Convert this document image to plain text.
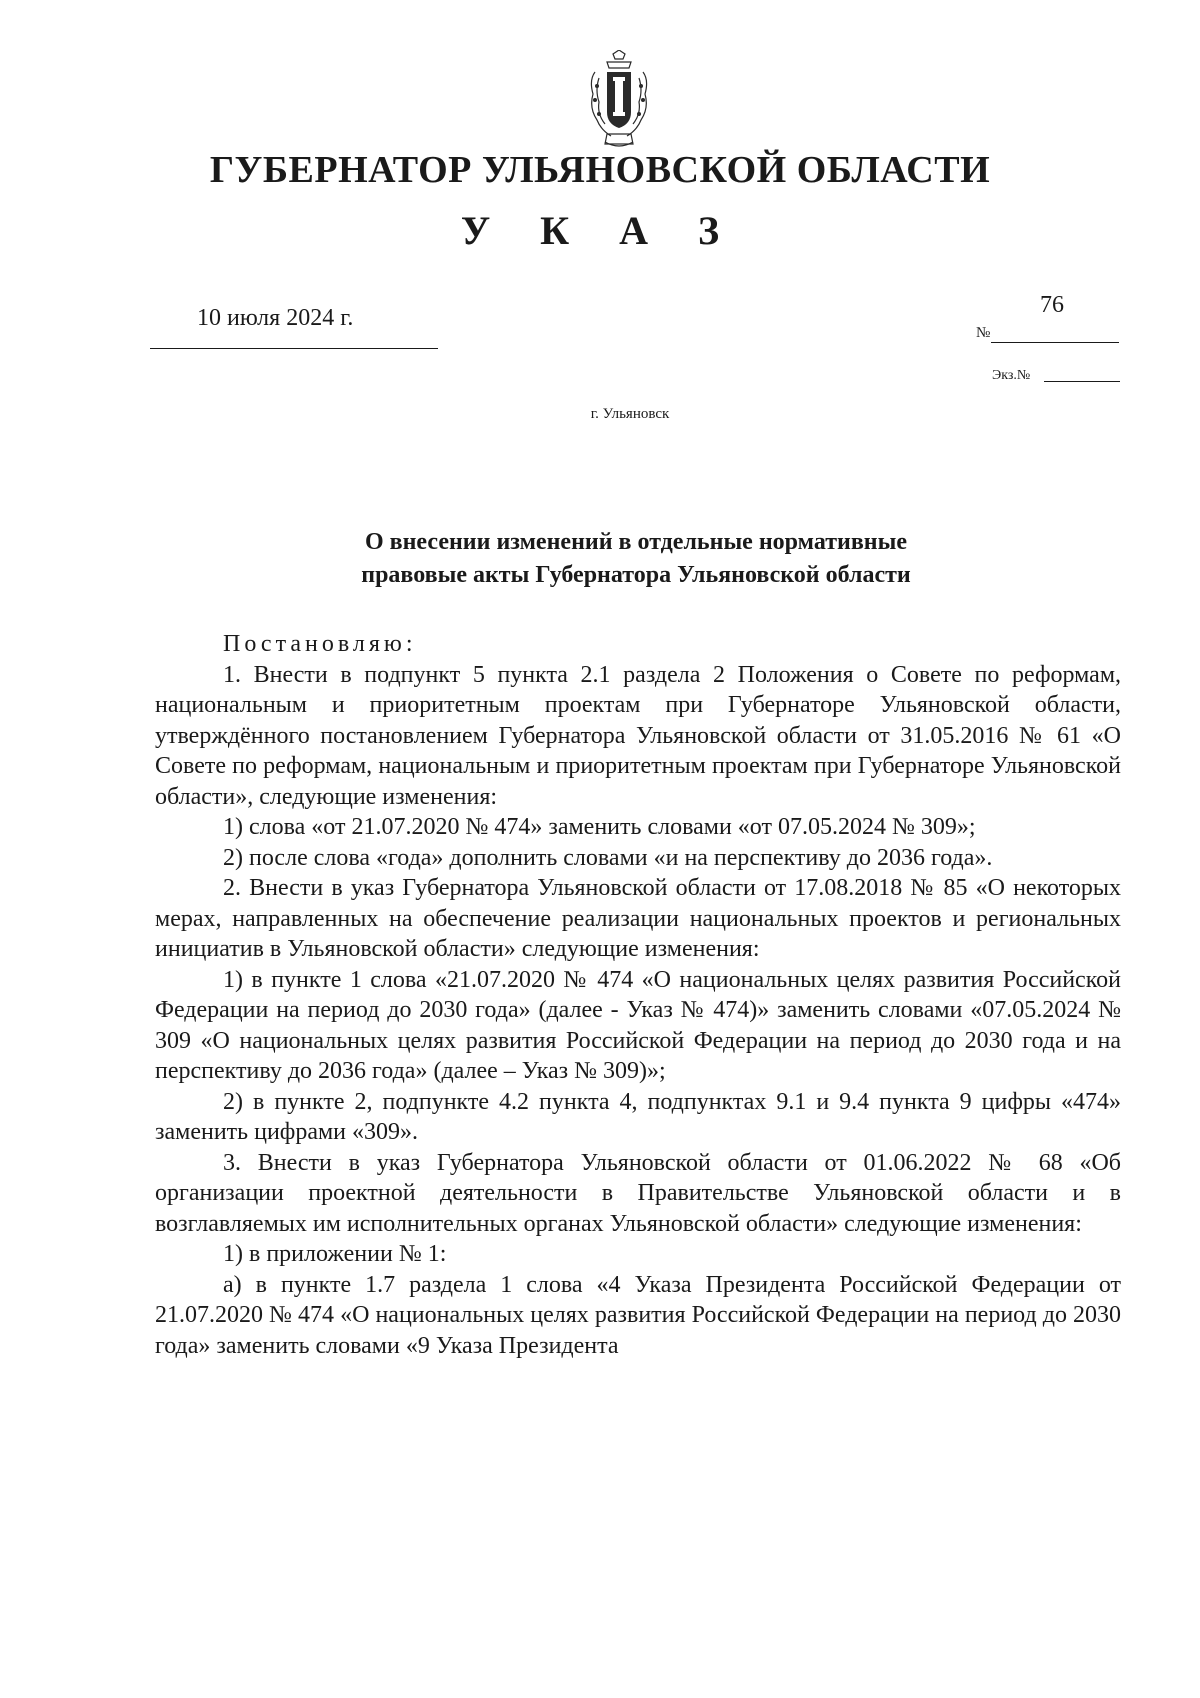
ГУБЕРНАТОР УЛЬЯНОВСКОЙ ОБЛАСТИ
У К А З
10 июля 2024 г.	76
№
Экз.№
г. Ульяновск
О внесении изменений в отдельные нормативные
правовые акты Губернатора Ульяновской области

Постановляю:

1. Внести в подпункт 5 пункта 2.1 раздела 2 Положения о Совете по реформам, национальным и приоритетным проектам при Губернаторе Ульяновской области, утверждённого постановлением Губернатора Ульяновской области от 31.05.2016 № 61 «О Совете по реформам, национальным и приоритетным проектам при Губернаторе Ульяновской области», следующие изменения:

1) слова «от 21.07.2020 № 474» заменить словами «от 07.05.2024 № 309»;

2) после слова «года» дополнить словами «и на перспективу до 2036 года».

2. Внести в указ Губернатора Ульяновской области от 17.08.2018 № 85 «О некоторых мерах, направленных на обеспечение реализации национальных проектов и региональных инициатив в Ульяновской области» следующие изменения:

1) в пункте 1 слова «21.07.2020 № 474 «О национальных целях развития Российской Федерации на период до 2030 года» (далее - Указ № 474)» заменить словами «07.05.2024 № 309 «О национальных целях развития Российской Федерации на период до 2030 года и на перспективу до 2036 года» (далее – Указ № 309)»;

2) в пункте 2, подпункте 4.2 пункта 4, подпунктах 9.1 и 9.4 пункта 9 цифры «474» заменить цифрами «309».

3. Внести в указ Губернатора Ульяновской области от 01.06.2022 № 68 «Об организации проектной деятельности в Правительстве Ульяновской области и в возглавляемых им исполнительных органах Ульяновской области» следующие изменения:

1) в приложении № 1:

а) в пункте 1.7 раздела 1 слова «4 Указа Президента Российской Федерации от 21.07.2020 № 474 «О национальных целях развития Российской Федерации на период до 2030 года» заменить словами «9 Указа Президента
